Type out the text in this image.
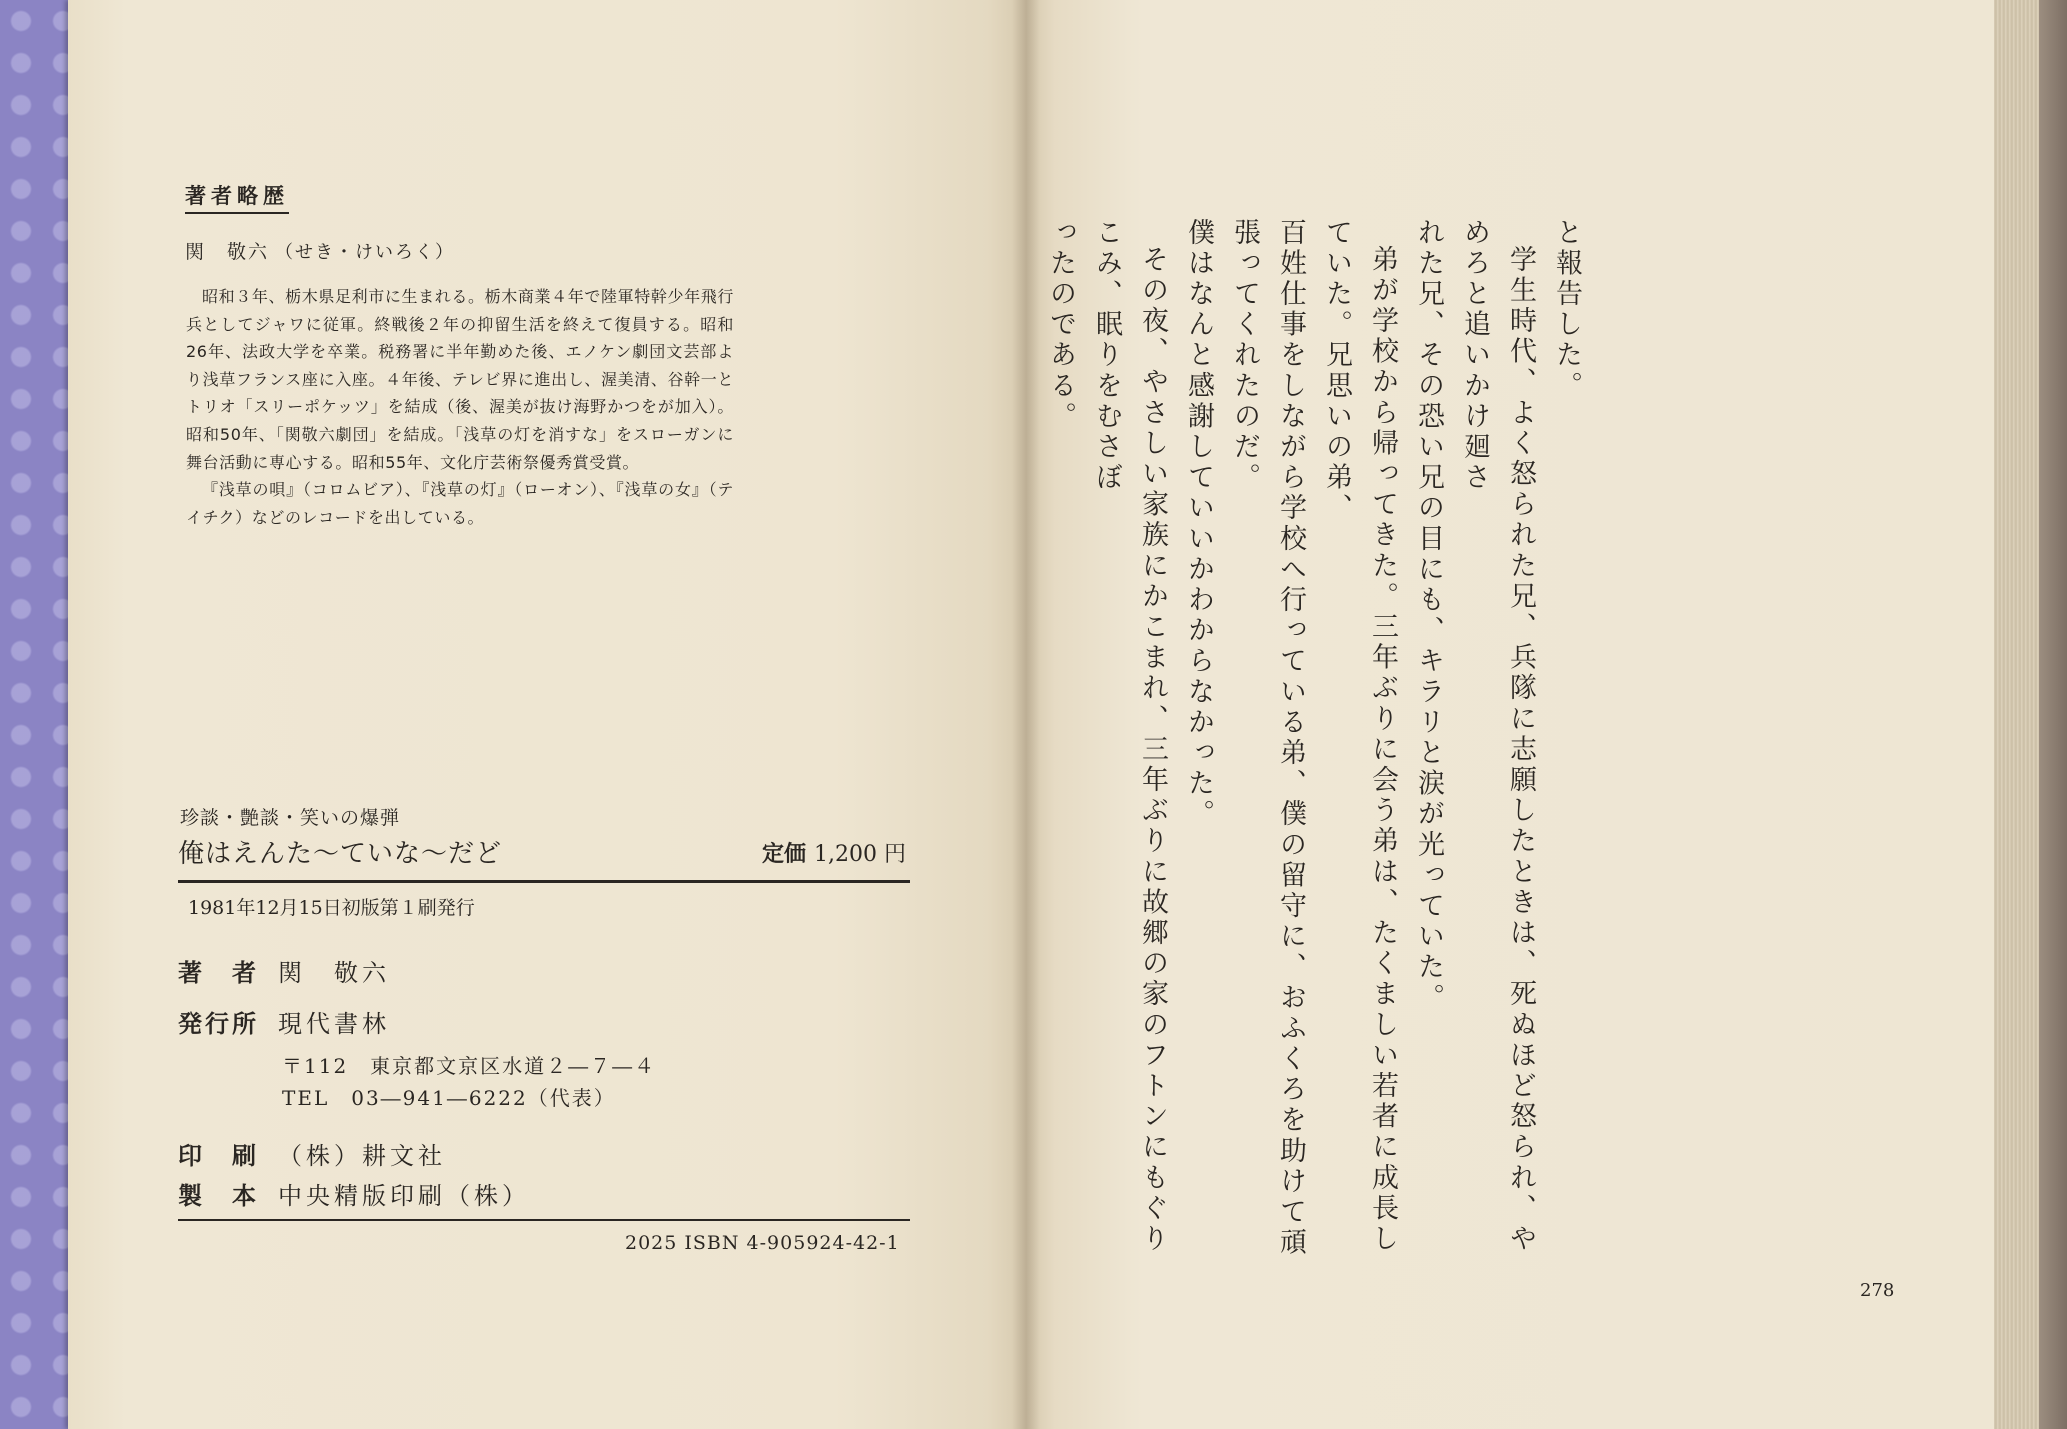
著者略歴
関　敬六 （せき・けいろく）

昭和３年、栃木県足利市に生まれる。栃木商業４年で陸軍特幹少年飛行兵としてジャワに従軍。終戦後２年の抑留生活を終えて復員する。昭和26年、法政大学を卒業。税務署に半年勤めた後、エノケン劇団文芸部より浅草フランス座に入座。４年後、テレビ界に進出し、渥美清、谷幹一とトリオ「スリーポケッツ」を結成（後、渥美が抜け海野かつをが加入）。昭和50年、「関敬六劇団」を結成。「浅草の灯を消すな」をスローガンに舞台活動に専心する。昭和55年、文化庁芸術祭優秀賞受賞。

『浅草の唄』（コロムビア）、『浅草の灯』（ローオン）、『浅草の女』（テイチク）などのレコードを出している。

珍談・艶談・笑いの爆弾
俺はえんた〜ていな〜だど	定価 1,200 円
1981年12月15日初版第１刷発行
著　者 関　敬六
発行所 現代書林
〒112　東京都文京区水道２―７―４
TEL　03―941―6222（代表）
印　刷 （株）耕文社
製　本 中央精版印刷（株）
2025 ISBN 4-905924-42-1

と報告した。

学生時代、よく怒られた兄、兵隊に志願したときは、死ぬほど怒られ、やめろと追いかけ廻さ

れた兄、その恐い兄の目にも、キラリと涙が光っていた。

弟が学校から帰ってきた。三年ぶりに会う弟は、たくましい若者に成長していた。兄思いの弟、

百姓仕事をしながら学校へ行っている弟、僕の留守に、おふくろを助けて頑張ってくれたのだ。

僕はなんと感謝していいかわからなかった。

その夜、やさしい家族にかこまれ、三年ぶりに故郷の家のフトンにもぐりこみ、眠りをむさぼ

ったのである。

278
